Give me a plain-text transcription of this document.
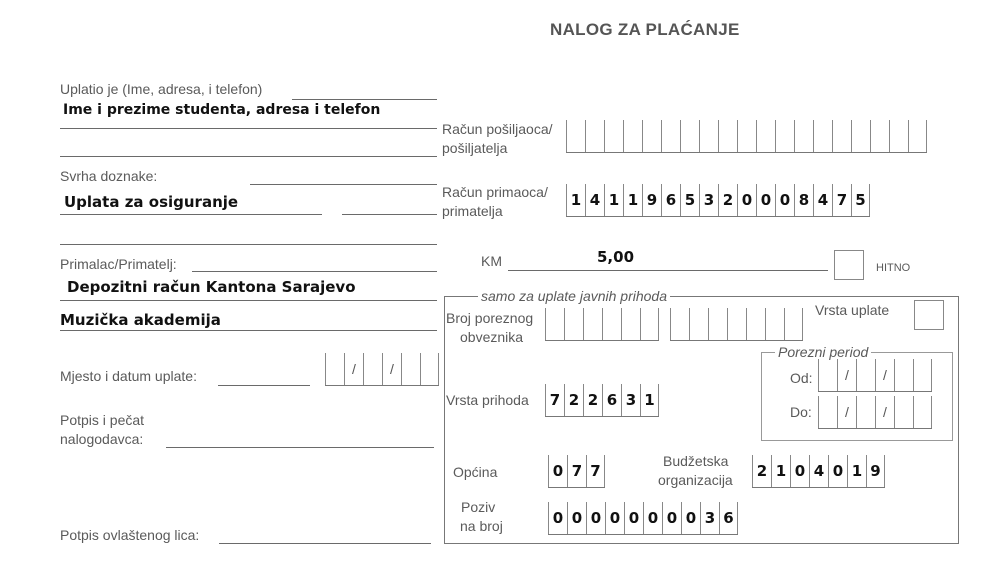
NALOG ZA PLAĆANJE
Uplatio je (Ime, adresa, i telefon)
Ime i prezime studenta, adresa i telefon
Svrha doznake:
Uplata za osiguranje
Primalac/Primatelj:
Depozitni račun Kantona Sarajevo
Muzička akademija
Mjesto i datum uplate:	/	/
Potpis i pečat
nalogodavca:
Potpis ovlaštenog lica:
Račun pošiljaoca/
pošiljatelja
Račun primaoca/
primatelja
1 4 1 1 9 6 5 3 2 0 0 0 8 4 7 5
KM	5,00
HITNO
samo za uplate javnih prihoda
Broj poreznog
obveznika
Vrsta uplate
Porezni period
Od:	/	/
Do:	/	/
Vrsta prihoda	7 2 2 6 3 1
Općina	0 7 7
Budžetska
organizacija	2 1 0 4 0 1 9
Poziv
na broj	0 0 0 0 0 0 0 0 3 6
